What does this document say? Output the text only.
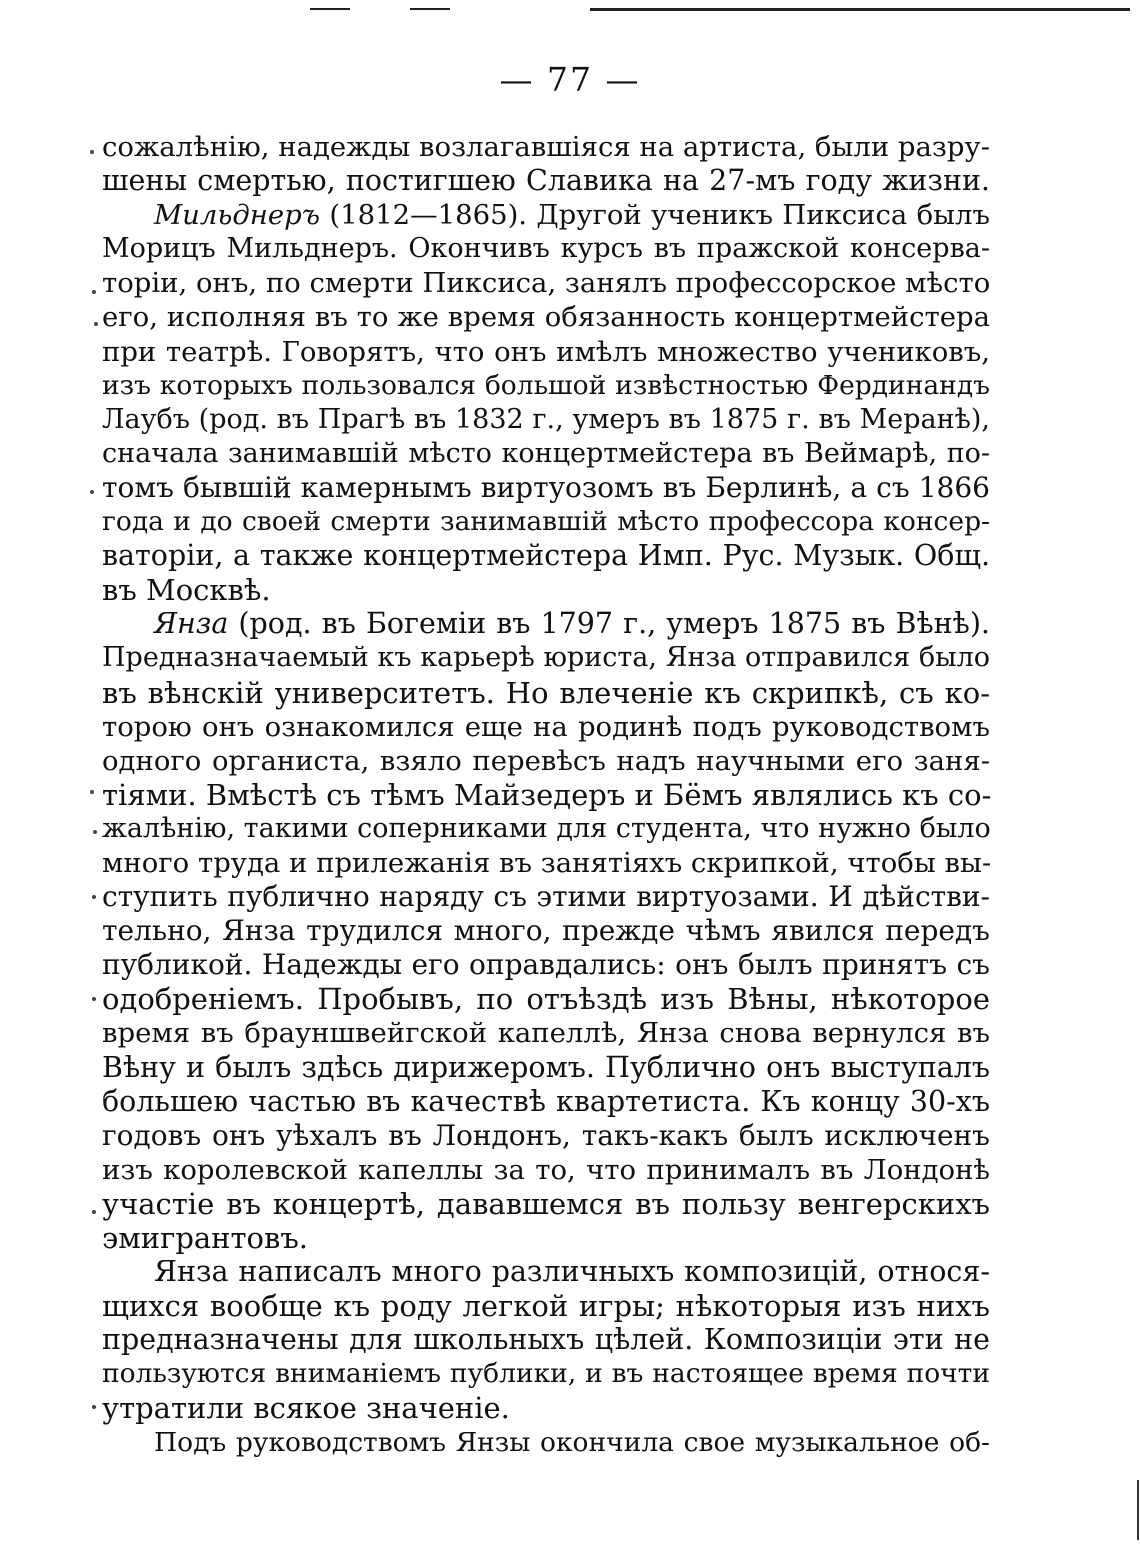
— 77 —
сожалѣнію, надежды возлагавшіяся на артиста, были разру-
шены смертью, постигшею Славика на 27-мъ году жизни.
Мильднеръ (1812—1865). Другой ученикъ Пиксиса былъ
Морицъ Мильднеръ. Окончивъ курсъ въ пражской консерва-
торіи, онъ, по смерти Пиксиса, занялъ профессорское мѣсто
его, исполняя въ то же время обязанность концертмейстера
при театрѣ. Говорятъ, что онъ имѣлъ множество учениковъ,
изъ которыхъ пользовался большой извѣстностью Фердинандъ
Лаубъ (род. въ Прагѣ въ 1832 г., умеръ въ 1875 г. въ Меранѣ),
сначала занимавшій мѣсто концертмейстера въ Веймарѣ, по-
томъ бывшій камернымъ виртуозомъ въ Берлинѣ, а съ 1866
года и до своей смерти занимавшій мѣсто профессора консер-
ваторіи, а также концертмейстера Имп. Рус. Музык. Общ.
въ Москвѣ.
Янза (род. въ Богеміи въ 1797 г., умеръ 1875 въ Вѣнѣ).
Предназначаемый къ карьерѣ юриста, Янза отправился было
въ вѣнскій университетъ. Но влеченіе къ скрипкѣ, съ ко-
торою онъ ознакомился еще на родинѣ подъ руководствомъ
одного органиста, взяло перевѣсъ надъ научными его заня-
тіями. Вмѣстѣ съ тѣмъ Майзедеръ и Бёмъ являлись къ со-
жалѣнію, такими соперниками для студента, что нужно было
много труда и прилежанія въ занятіяхъ скрипкой, чтобы вы-
ступить публично наряду съ этими виртуозами. И дѣйстви-
тельно, Янза трудился много, прежде чѣмъ явился передъ
публикой. Надежды его оправдались: онъ былъ принятъ съ
одобреніемъ. Пробывъ, по отъѣздѣ изъ Вѣны, нѣкоторое
время въ брауншвейгской капеллѣ, Янза снова вернулся въ
Вѣну и былъ здѣсь дирижеромъ. Публично онъ выступалъ
большею частью въ качествѣ квартетиста. Къ концу 30-хъ
годовъ онъ уѣхалъ въ Лондонъ, такъ-какъ былъ исключенъ
изъ королевской капеллы за то, что принималъ въ Лондонѣ
участіе въ концертѣ, дававшемся въ пользу венгерскихъ
эмигрантовъ.
Янза написалъ много различныхъ композицій, относя-
щихся вообще къ роду легкой игры; нѣкоторыя изъ нихъ
предназначены для школьныхъ цѣлей. Композиціи эти не
пользуются вниманіемъ публики, и въ настоящее время почти
утратили всякое значеніе.
Подъ руководствомъ Янзы окончила свое музыкальное об-
